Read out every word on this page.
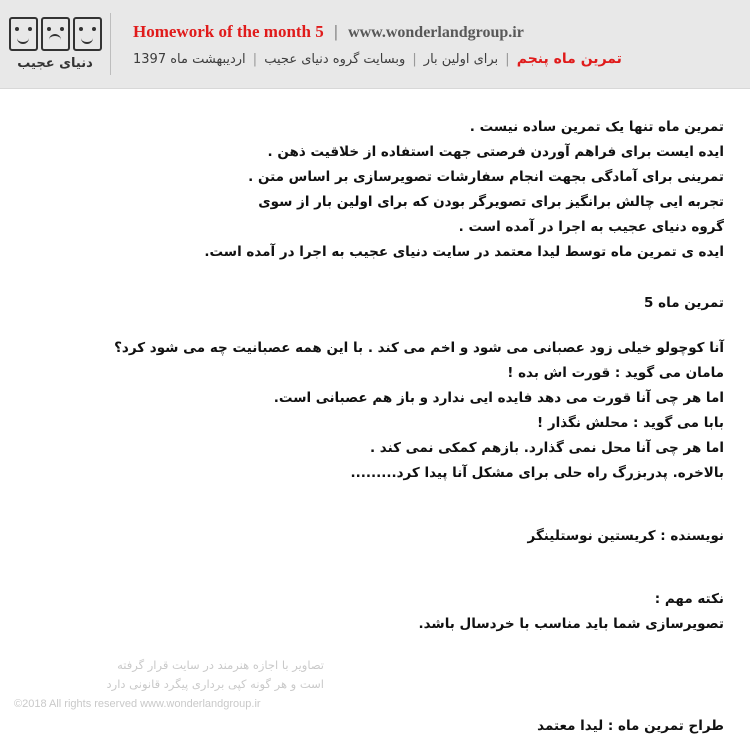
دنیای عجیب
Homework of the month 5 | www.wonderlandgroup.ir
تمرین ماه پنجم
|
برای اولین بار
|
وبسایت گروه دنیای عجیب
|
اردیبهشت ماه 1397
تمرین ماه تنها یک تمرین ساده نیست .
ایده ایست برای فراهم آوردن فرصتی جهت استفاده از خلاقیت ذهن .
تمرینی برای آمادگی بجهت انجام سفارشات تصویرسازی بر اساس متن .
تجربه ایی چالش برانگیز برای تصویرگر بودن که برای اولین بار از سوی
گروه دنیای عجیب به اجرا در آمده است .
ایده ی تمرین ماه توسط لیدا معتمد در سایت دنیای عجیب به اجرا در آمده است.
تمرین ماه 5
آنا کوچولو خیلی زود عصبانی می شود و اخم می کند . با این همه عصبانیت چه می شود کرد؟
مامان می گوید : قورت اش بده !
اما هر چی آنا قورت می دهد فایده ایی ندارد و باز هم عصبانی است.
بابا می گوید : محلش نگذار !
اما هر چی آنا محل نمی گذارد. بازهم کمکی نمی کند .
بالاخره. پدربزرگ راه حلی برای مشکل آنا پیدا کرد.........
نویسنده : کریستین نوستلینگر
نکته مهم :
تصویرسازی شما باید مناسب با خردسال باشد.
تصاویر با اجازه هنرمند در سایت قرار گرفته
است و هر گونه کپی برداری پیگرد قانونی دارد
©2018 All rights reserved www.wonderlandgroup.ir
طراح تمرین ماه : لیدا معتمد
